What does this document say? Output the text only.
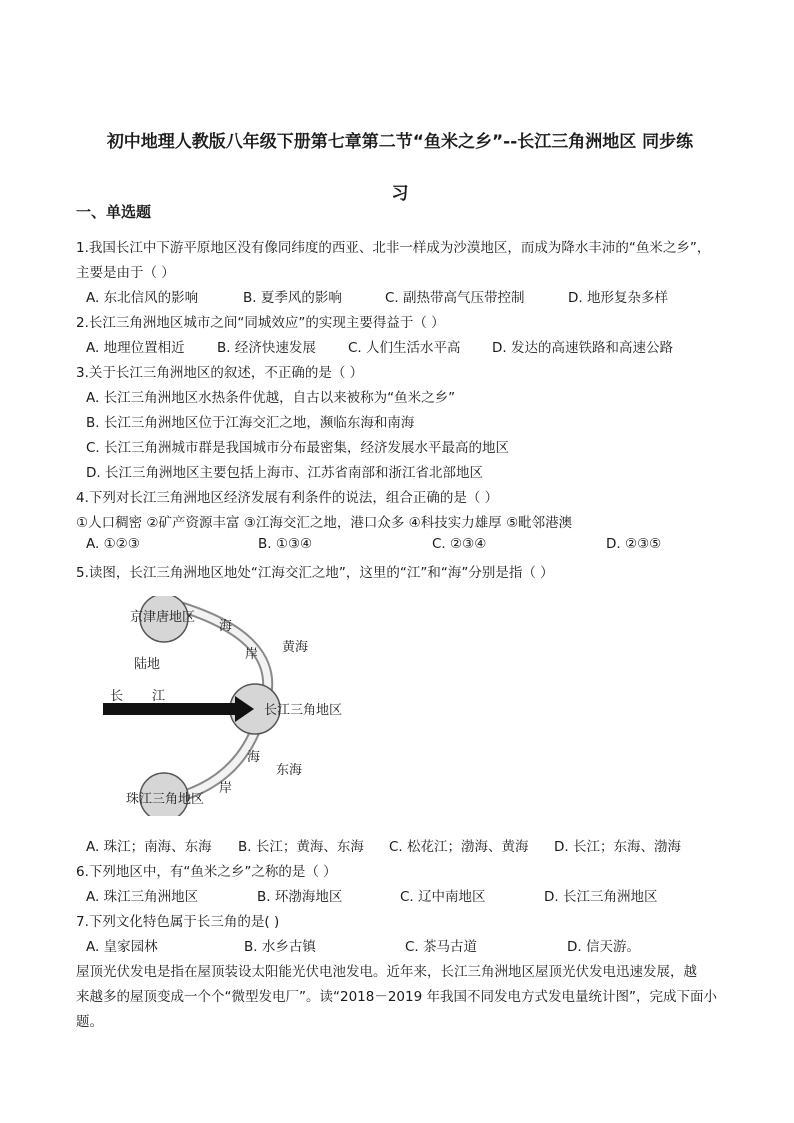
初中地理人教版八年级下册第七章第二节“鱼米之乡”--长江三角洲地区 同步练
习
一、单选题
1.我国长江中下游平原地区没有像同纬度的西亚、北非一样成为沙漠地区，而成为降水丰沛的“鱼米之乡”，
主要是由于（ ）
A. 东北信风的影响	B. 夏季风的影响	C. 副热带高气压带控制	D. 地形复杂多样
2.长江三角洲地区城市之间“同城效应”的实现主要得益于（ ）
A. 地理位置相近 B. 经济快速发展 C. 人们生活水平高 D. 发达的高速铁路和高速公路
3.关于长江三角洲地区的叙述，不正确的是（ ）
A. 长江三角洲地区水热条件优越，自古以来被称为“鱼米之乡”
B. 长江三角洲地区位于江海交汇之地，濒临东海和南海
C. 长江三角洲城市群是我国城市分布最密集，经济发展水平最高的地区
D. 长江三角洲地区主要包括上海市、江苏省南部和浙江省北部地区
4.下列对长江三角洲地区经济发展有利条件的说法，组合正确的是（ ）
①人口稠密 ②矿产资源丰富 ③江海交汇之地，港口众多 ④科技实力雄厚 ⑤毗邻港澳
A. ①②③	B. ①③④	C. ②③④	D. ②③⑤
5.读图，长江三角洲地区地处“江海交汇之地”，这里的“江”和“海”分别是指（ ）
京津唐地区
陆地
长 江
长江三角地区
黄海
东海
珠江三角地区
海
岸
海
岸
A. 珠江；南海、东海 B. 长江；黄海、东海 C. 松花江；渤海、黄海 D. 长江；东海、渤海
6.下列地区中，有“鱼米之乡”之称的是（ ）
A. 珠江三角洲地区	B. 环渤海地区	C. 辽中南地区	D. 长江三角洲地区
7.下列文化特色属于长三角的是( )
A. 皇家园林	B. 水乡古镇	C. 茶马古道	D. 信天游。
屋顶光伏发电是指在屋顶装设太阳能光伏电池发电。近年来，长江三角洲地区屋顶光伏发电迅速发展，越
来越多的屋顶变成一个个“微型发电厂”。读“2018－2019 年我国不同发电方式发电量统计图”，完成下面小
题。
